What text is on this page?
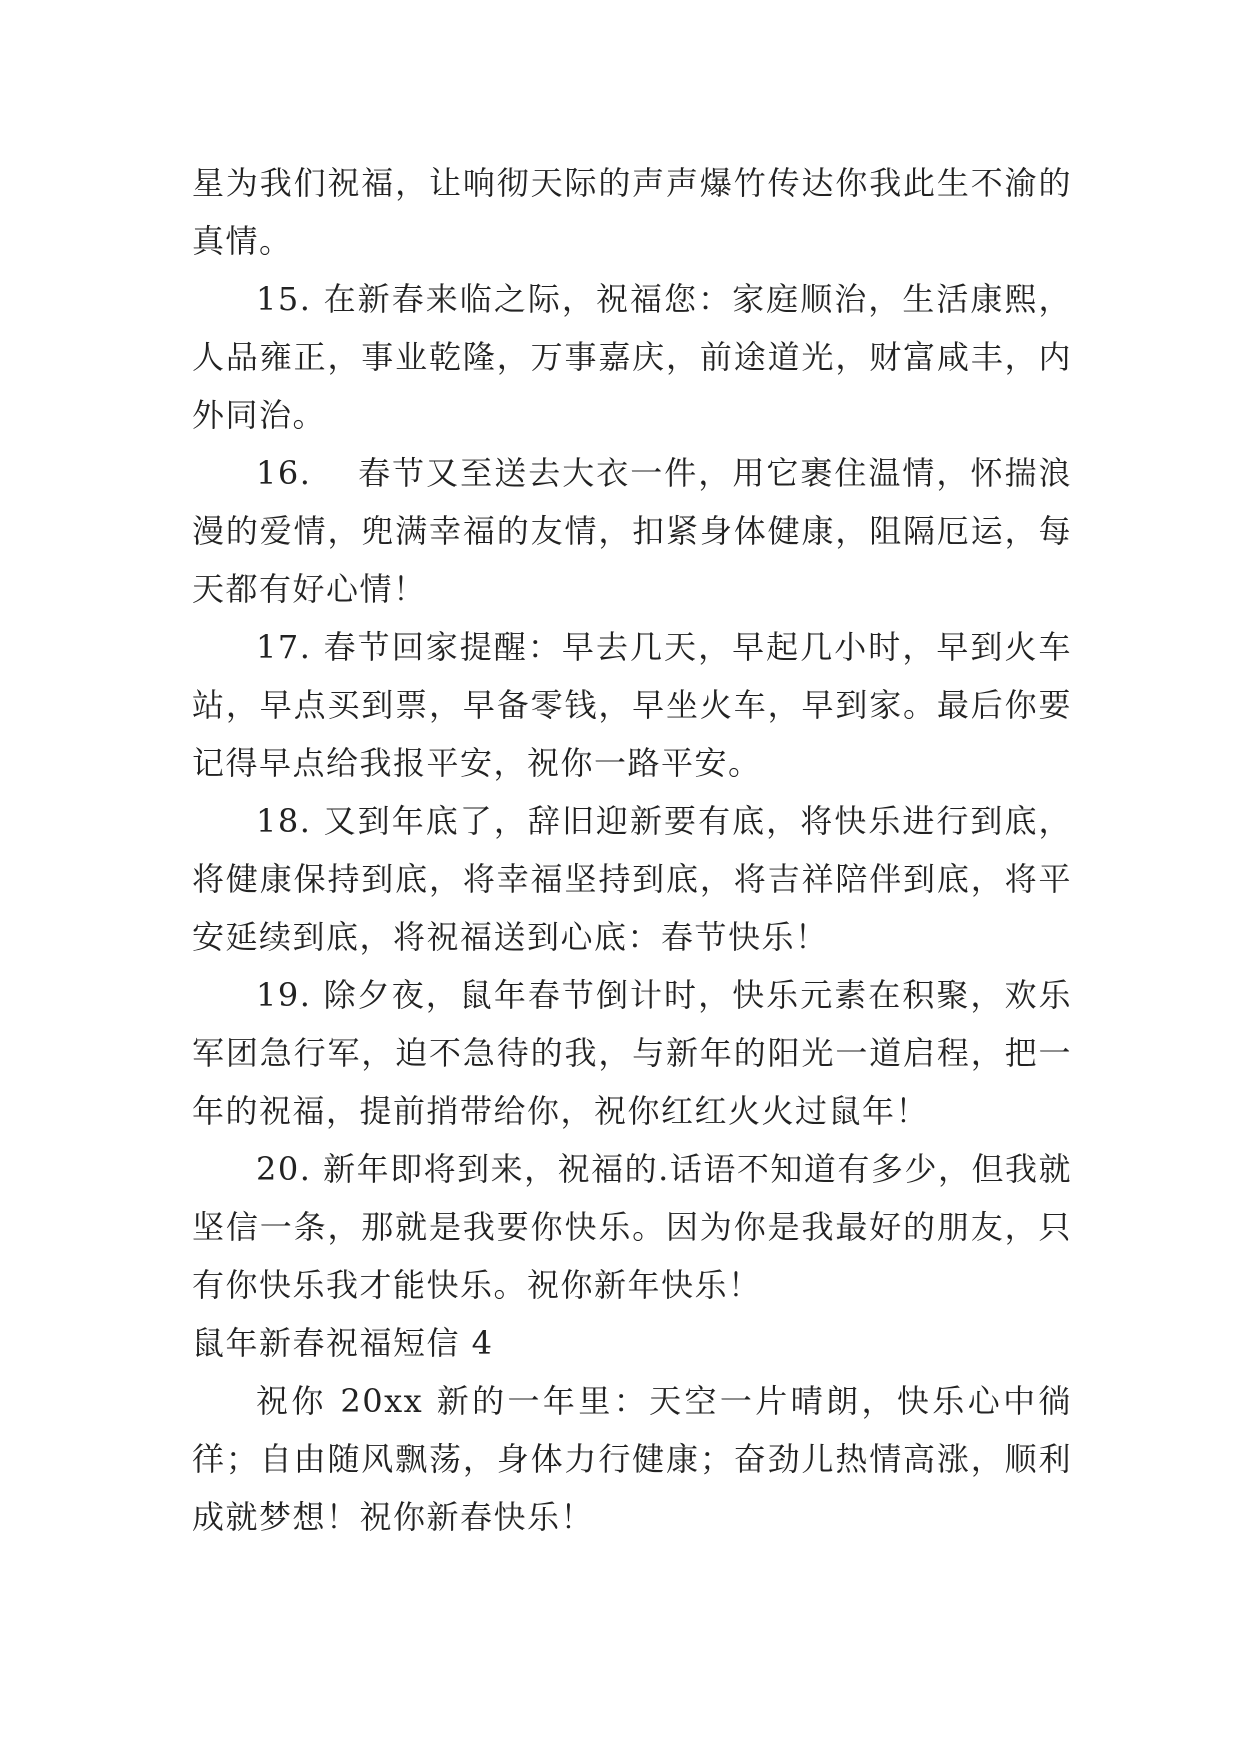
星为我们祝福，让响彻天际的声声爆竹传达你我此生不渝的真情。

15. 在新春来临之际，祝福您：家庭顺治，生活康熙，人品雍正，事业乾隆，万事嘉庆，前途道光，财富咸丰，内外同治。

16.　 春节又至送去大衣一件，用它裹住温情，怀揣浪漫的爱情，兜满幸福的友情，扣紧身体健康，阻隔厄运，每天都有好心情！

17. 春节回家提醒：早去几天，早起几小时，早到火车站，早点买到票，早备零钱，早坐火车，早到家。最后你要记得早点给我报平安，祝你一路平安。

18. 又到年底了，辞旧迎新要有底，将快乐进行到底，将健康保持到底，将幸福坚持到底，将吉祥陪伴到底，将平安延续到底，将祝福送到心底：春节快乐！

19. 除夕夜，鼠年春节倒计时，快乐元素在积聚，欢乐军团急行军，迫不急待的我，与新年的阳光一道启程，把一年的祝福，提前捎带给你，祝你红红火火过鼠年！

20. 新年即将到来，祝福的.话语不知道有多少，但我就坚信一条，那就是我要你快乐。因为你是我最好的朋友，只有你快乐我才能快乐。祝你新年快乐！

鼠年新春祝福短信 4

祝你 20xx 新的一年里：天空一片晴朗，快乐心中徜徉；自由随风飘荡，身体力行健康；奋劲儿热情高涨，顺利成就梦想！祝你新春快乐！
